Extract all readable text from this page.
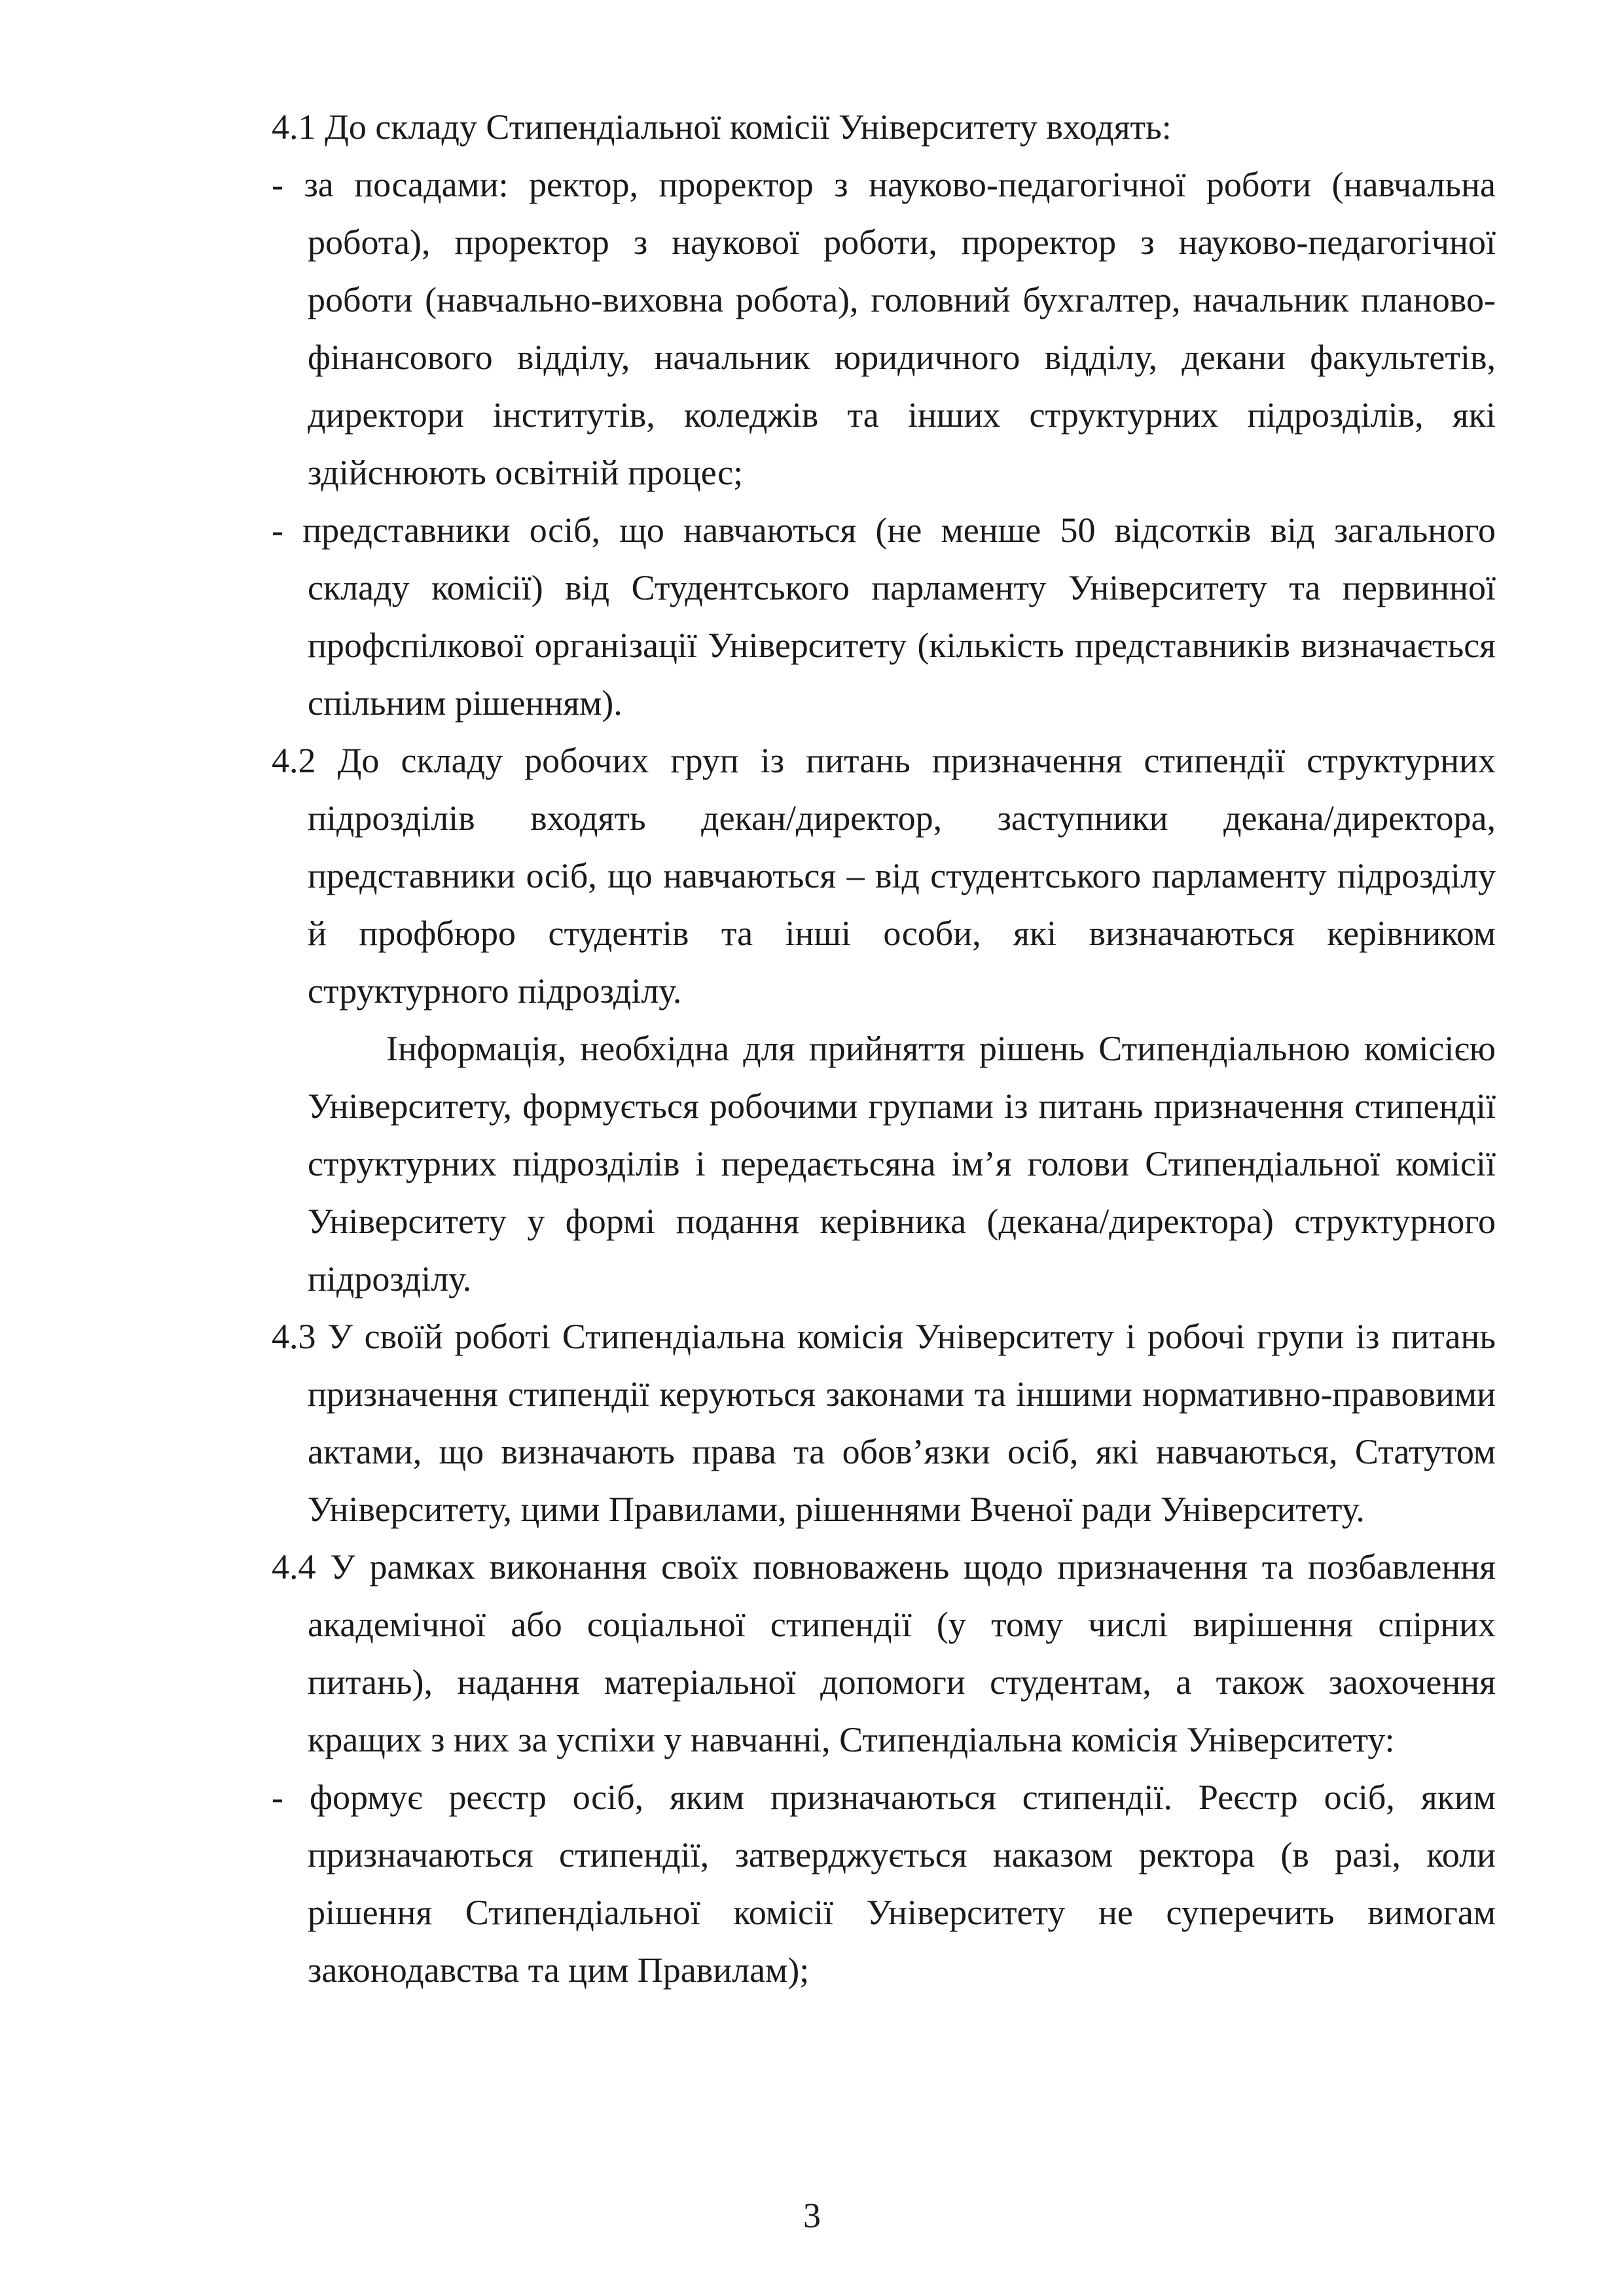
4.1 До складу Стипендіальної комісії Університету входять:

- за посадами: ректор, проректор з науково-педагогічної роботи (навчальна робота), проректор з наукової роботи, проректор з науково-педагогічної роботи (навчально-виховна робота), головний бухгалтер, начальник планово-фінансового відділу, начальник юридичного відділу, декани факультетів, директори інститутів, коледжів та інших структурних підрозділів, які здійснюють освітній процес;

- представники осіб, що навчаються (не менше 50 відсотків від загального складу комісії) від Студентського парламенту Університету та первинної профспілкової організації Університету (кількість представників визначається спільним рішенням).

4.2 До складу робочих груп із питань призначення стипендії структурних підрозділів входять декан/директор, заступники декана/директора, представники осіб, що навчаються – від студентського парламенту підрозділу й профбюро студентів та інші особи, які визначаються керівником структурного підрозділу.

Інформація, необхідна для прийняття рішень Стипендіальною комісією Університету, формується робочими групами із питань призначення стипендії структурних підрозділів і передаєтьсяна ім’я голови Стипендіальної комісії Університету у формі подання керівника (декана/директора) структурного підрозділу.

4.3 У своїй роботі Стипендіальна комісія Університету і робочі групи із питань призначення стипендії керуються законами та іншими нормативно-правовими актами, що визначають права та обов’язки осіб, які навчаються, Статутом Університету, цими Правилами, рішеннями Вченої ради Університету.

4.4 У рамках виконання своїх повноважень щодо призначення та позбавлення академічної або соціальної стипендії (у тому числі вирішення спірних питань), надання матеріальної допомоги студентам, а також заохочення кращих з них за успіхи у навчанні, Стипендіальна комісія Університету:

- формує реєстр осіб, яким призначаються стипендії. Реєстр осіб, яким призначаються стипендії, затверджується наказом ректора (в разі, коли рішення Стипендіальної комісії Університету не суперечить вимогам законодавства та цим Правилам);

3
